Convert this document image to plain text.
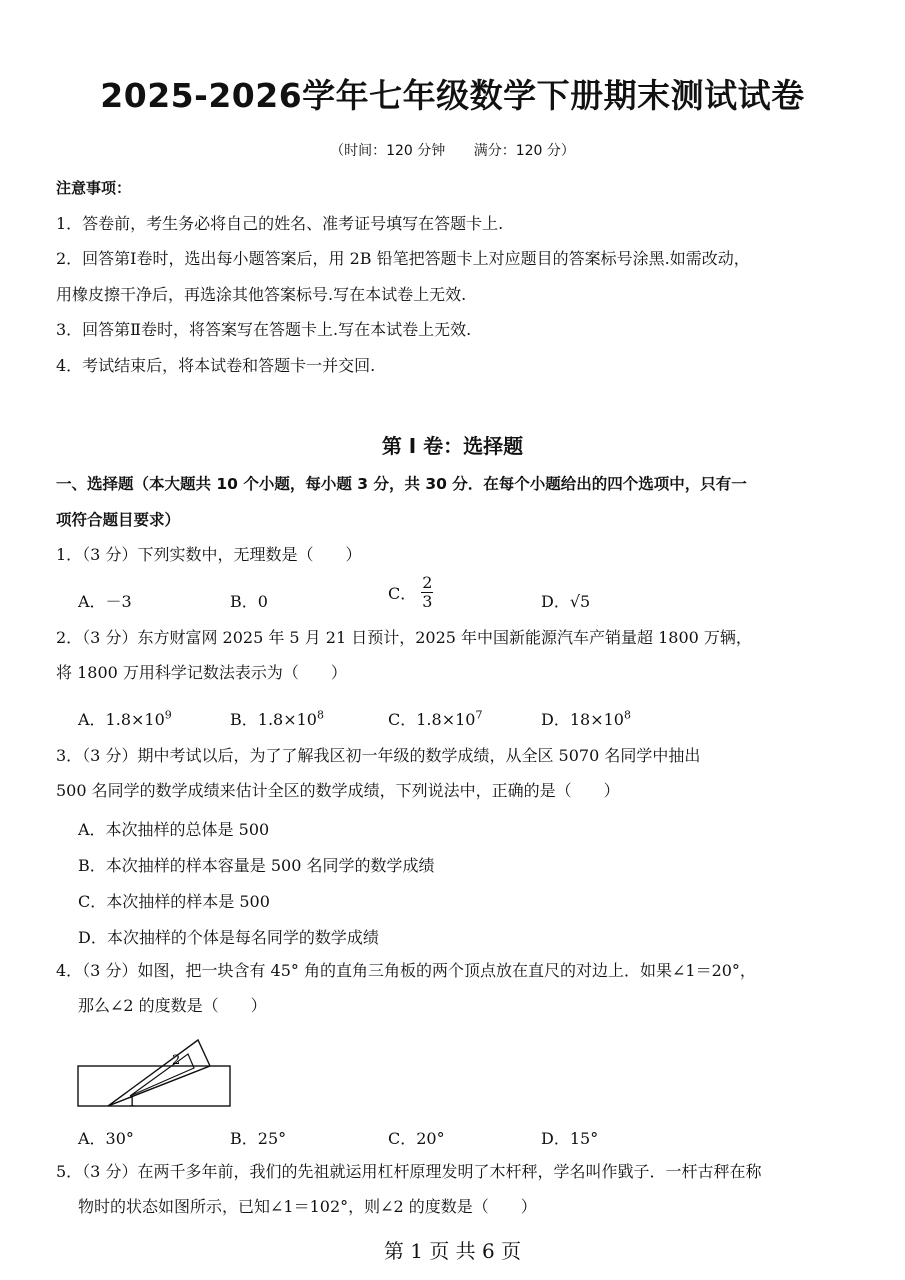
2025-2026学年七年级数学下册期末测试试卷
（时间：120 分钟 满分：120 分）
注意事项：
1．答卷前，考生务必将自己的姓名、准考证号填写在答题卡上.
2．回答第Ⅰ卷时，选出每小题答案后，用 2B 铅笔把答题卡上对应题目的答案标号涂黑.如需改动，
用橡皮擦干净后，再选涂其他答案标号.写在本试卷上无效.
3．回答第Ⅱ卷时，将答案写在答题卡上.写在本试卷上无效.
4．考试结束后，将本试卷和答题卡一并交回.
第 I 卷：选择题
一、选择题（本大题共 10 个小题，每小题 3 分，共 30 分．在每个小题给出的四个选项中，只有一
项符合题目要求）
1．（3 分）下列实数中，无理数是（　　）
A．－3	B．0	C． $\frac{2}{3}$	D．√5
2．（3 分）东方财富网 2025 年 5 月 21 日预计，2025 年中国新能源汽车产销量超 1800 万辆，
将 1800 万用科学记数法表示为（　　）
A．$1.8\times 10^9$	B．$1.8\times 10^8$	C．$1.8\times 10^7$	D．$18\times 10^8$
3．（3 分）期中考试以后，为了了解我区初一年级的数学成绩，从全区 5070 名同学中抽出
500 名同学的数学成绩来估计全区的数学成绩，下列说法中，正确的是（　　）
A．本次抽样的总体是 500
B．本次抽样的样本容量是 500 名同学的数学成绩
C．本次抽样的样本是 500
D．本次抽样的个体是每名同学的数学成绩
4．（3 分）如图，把一块含有 45° 角的直角三角板的两个顶点放在直尺的对边上．如果∠1＝20°，
那么∠2 的度数是（　　）
2
1
A．30°	B．25°	C．20°	D．15°
5．（3 分）在两千多年前，我们的先祖就运用杠杆原理发明了木杆秤，学名叫作戥子．一杆古秤在称
物时的状态如图所示，已知∠1＝102°，则∠2 的度数是（　　）
第 1 页 共 6 页
